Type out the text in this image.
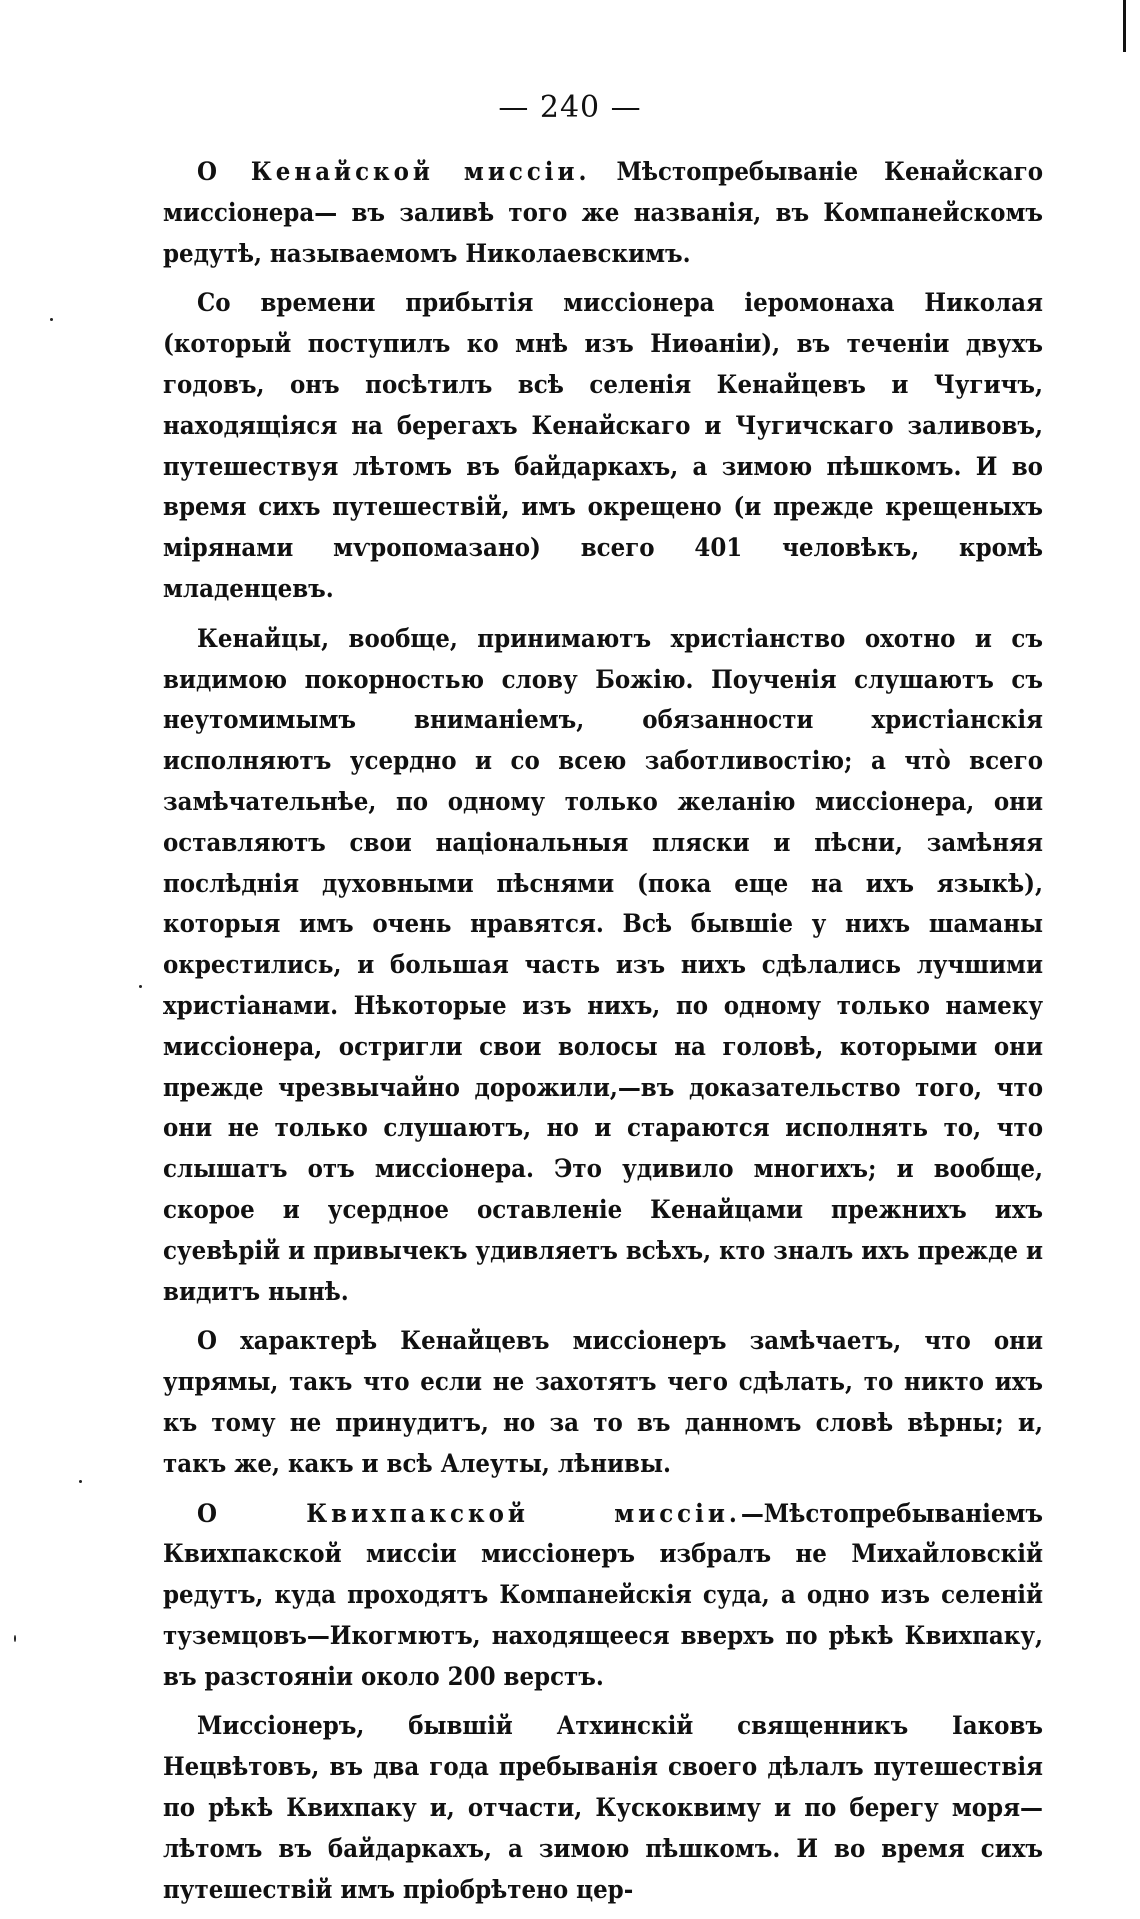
— 240 —

О Кенайской миссіи. Мѣстопребываніе Кенайскаго миссіонера— въ заливѣ того же названія, въ Компанейскомъ редутѣ, называемомъ Николаевскимъ.

Со времени прибытія миссіонера іеромонаха Николая (который поступилъ ко мнѣ изъ Ниѳаніи), въ теченіи двухъ годовъ, онъ посѣтилъ всѣ селенія Кенайцевъ и Чугичъ, находящіяся на берегахъ Кенайскаго и Чугичскаго заливовъ, путешествуя лѣтомъ въ байдаркахъ, а зимою пѣшкомъ. И во время сихъ путешествій, имъ окрещено (и прежде крещеныхъ мірянами мѵропомазано) всего 401 человѣкъ, кромѣ младенцевъ.

Кенайцы, вообще, принимаютъ христіанство охотно и съ видимою покорностью слову Божію. Поученія слушаютъ съ неутомимымъ вниманіемъ, обязанности христіанскія исполняютъ усердно и со всею заботливостію; а что̀ всего замѣчательнѣе, по одному только желанію миссіонера, они оставляютъ свои національныя пляски и пѣсни, замѣняя послѣднія духовными пѣснями (пока еще на ихъ языкѣ), которыя имъ очень нравятся. Всѣ бывшіе у нихъ шаманы окрестились, и большая часть изъ нихъ сдѣлались лучшими христіанами. Нѣкоторые изъ нихъ, по одному только намеку миссіонера, остригли свои волосы на головѣ, которыми они прежде чрезвычайно дорожили,—въ доказательство того, что они не только слушаютъ, но и стараются исполнять то, что слышатъ отъ миссіонера. Это удивило многихъ; и вообще, скорое и усердное оставленіе Кенайцами прежнихъ ихъ суевѣрій и привычекъ удивляетъ всѣхъ, кто зналъ ихъ прежде и видитъ нынѣ.

О характерѣ Кенайцевъ миссіонеръ замѣчаетъ, что они упрямы, такъ что если не захотятъ чего сдѣлать, то никто ихъ къ тому не принудитъ, но за то въ данномъ словѣ вѣрны; и, такъ же, какъ и всѣ Алеуты, лѣнивы.

О Квихпакской миссіи.—Мѣстопребываніемъ Квихпакской миссіи миссіонеръ избралъ не Михайловскій редутъ, куда проходятъ Компанейскія суда, а одно изъ селеній туземцовъ—Икогмютъ, находящееся вверхъ по рѣкѣ Квихпаку, въ разстояніи около 200 верстъ.

Миссіонеръ, бывшій Атхинскій священникъ Іаковъ Нецвѣтовъ, въ два года пребыванія своего дѣлалъ путешествія по рѣкѣ Квихпаку и, отчасти, Кускоквиму и по берегу моря—лѣтомъ въ байдаркахъ, а зимою пѣшкомъ. И во время сихъ путешествій имъ пріобрѣтено цер-
